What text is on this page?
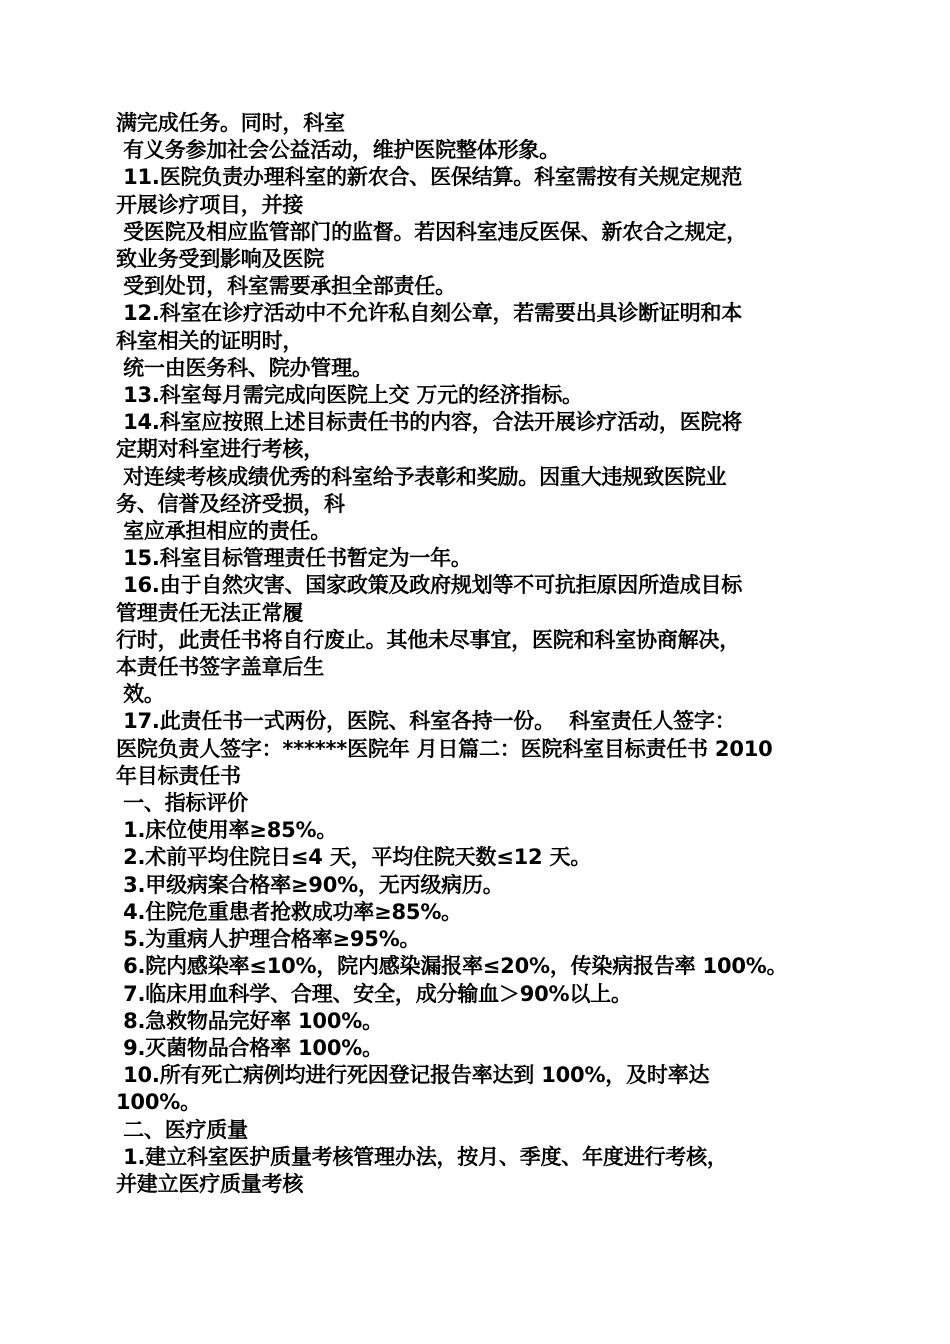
满完成任务。同时，科室

有义务参加社会公益活动，维护医院整体形象。

11.医院负责办理科室的新农合、医保结算。科室需按有关规定规范

开展诊疗项目，并接

受医院及相应监管部门的监督。若因科室违反医保、新农合之规定，

致业务受到影响及医院

受到处罚，科室需要承担全部责任。

12.科室在诊疗活动中不允许私自刻公章，若需要出具诊断证明和本

科室相关的证明时，

统一由医务科、院办管理。

13.科室每月需完成向医院上交 万元的经济指标。

14.科室应按照上述目标责任书的内容，合法开展诊疗活动，医院将

定期对科室进行考核，

对连续考核成绩优秀的科室给予表彰和奖励。因重大违规致医院业

务、信誉及经济受损，科

室应承担相应的责任。

15.科室目标管理责任书暂定为一年。

16.由于自然灾害、国家政策及政府规划等不可抗拒原因所造成目标

管理责任无法正常履

行时，此责任书将自行废止。其他未尽事宜，医院和科室协商解决，

本责任书签字盖章后生

效。

17.此责任书一式两份，医院、科室各持一份。  科室责任人签字：

医院负责人签字：******医院年 月日篇二：医院科室目标责任书 2010

年目标责任书

一、指标评价

1.床位使用率≥85%。

2.术前平均住院日≤4 天，平均住院天数≤12 天。

3.甲级病案合格率≥90%，无丙级病历。

4.住院危重患者抢救成功率≥85%。

5.为重病人护理合格率≥95%。

6.院内感染率≤10%，院内感染漏报率≤20%，传染病报告率 100%。

7.临床用血科学、合理、安全，成分输血＞90%以上。

8.急救物品完好率 100%。

9.灭菌物品合格率 100%。

10.所有死亡病例均进行死因登记报告率达到 100%，及时率达

100%。

二、医疗质量

1.建立科室医护质量考核管理办法，按月、季度、年度进行考核，

并建立医疗质量考核
